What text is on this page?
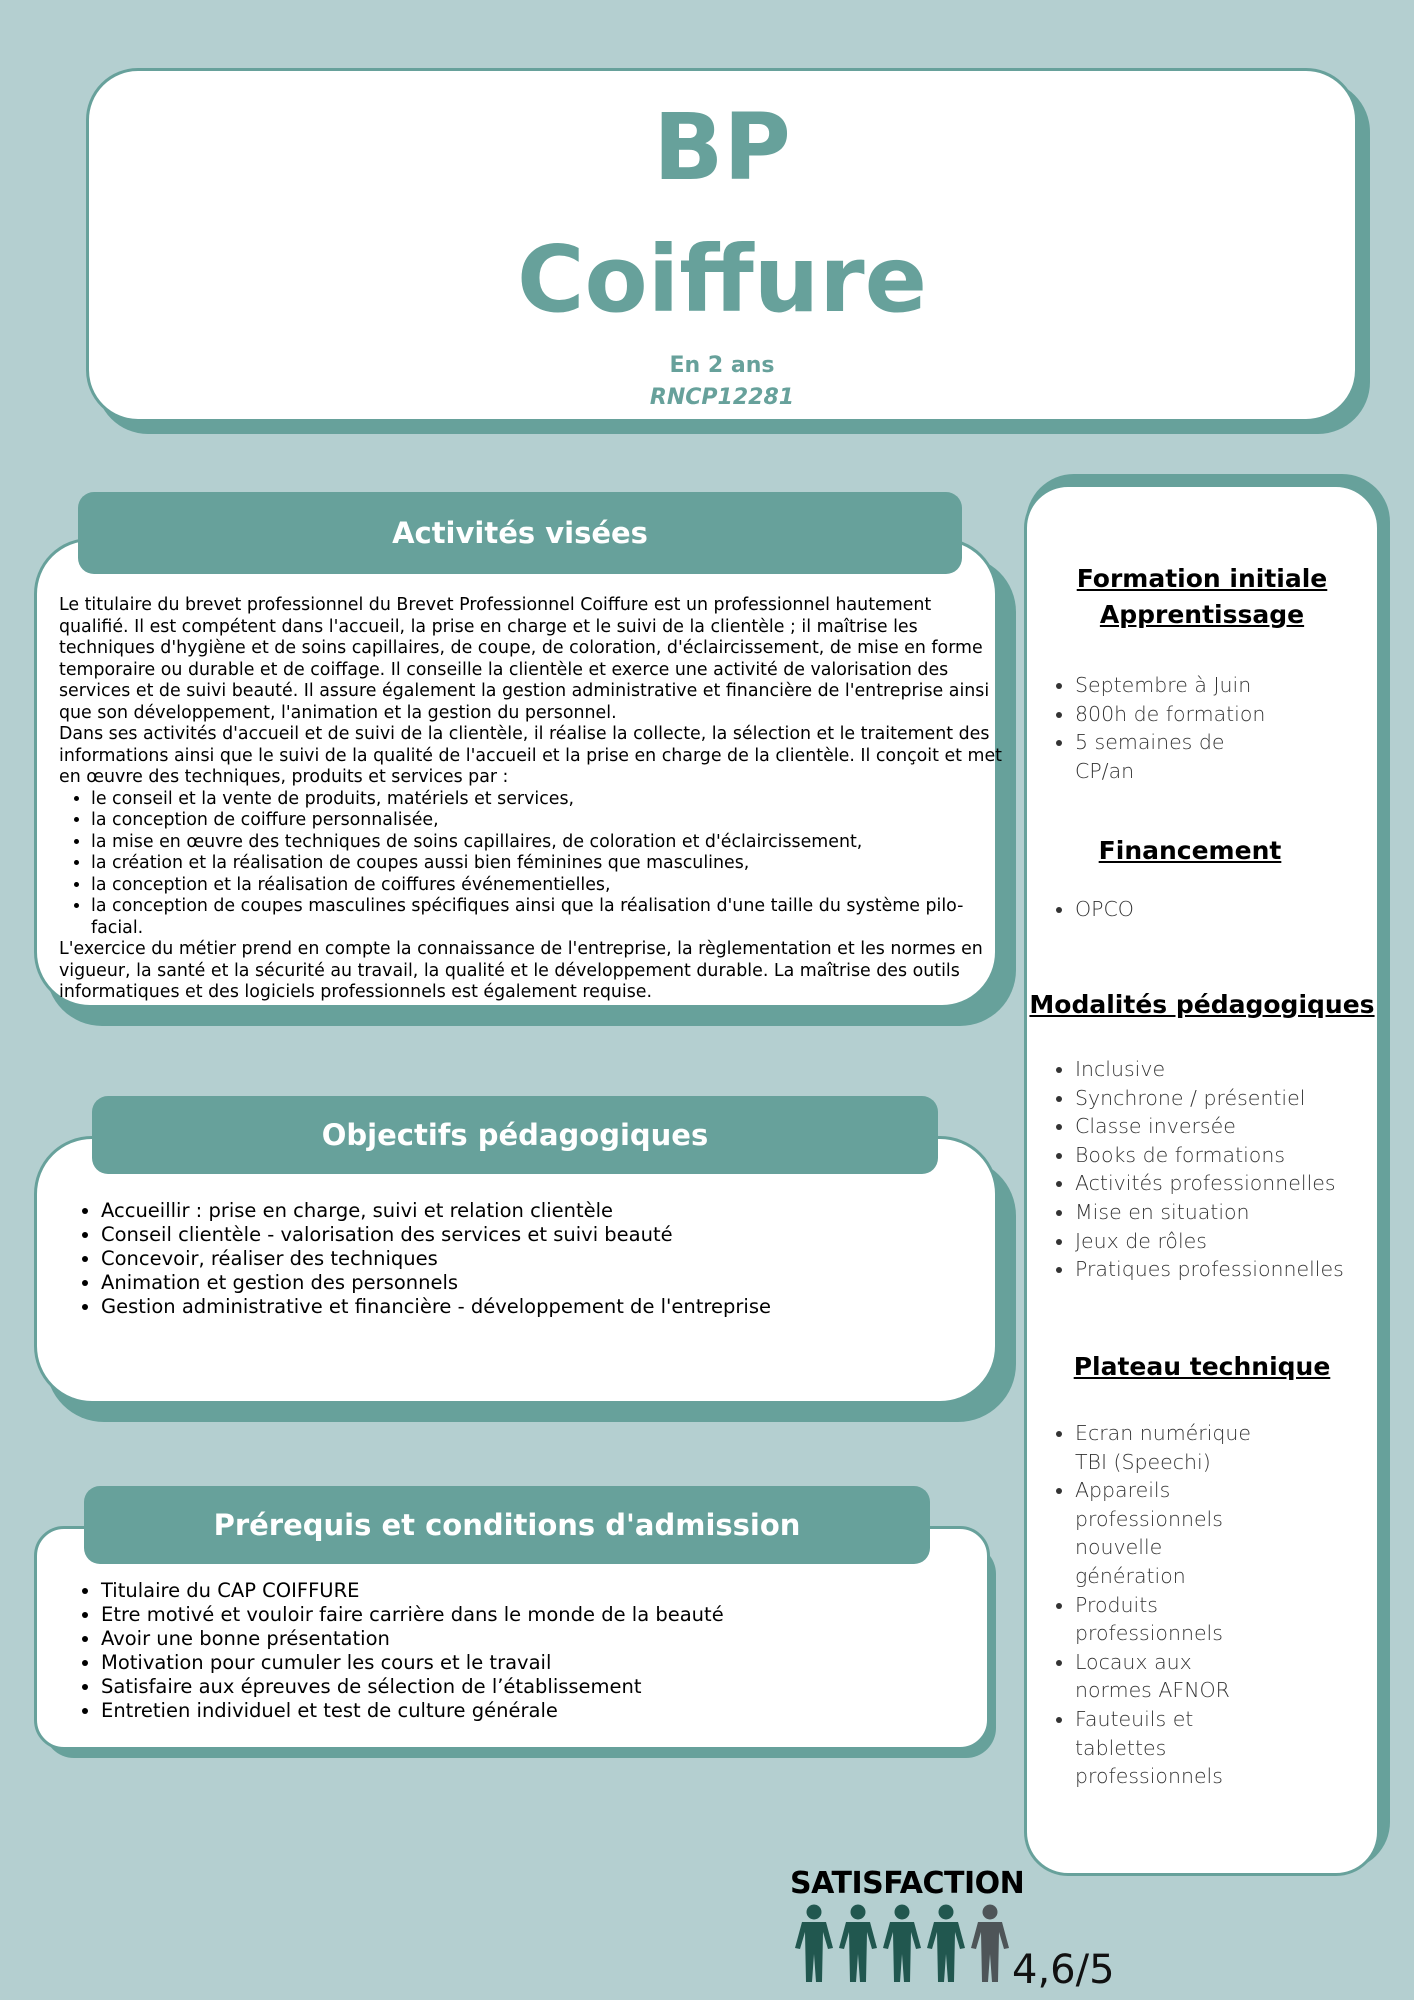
BP
Coiffure
En 2 ans
RNCP12281

Le titulaire du brevet professionnel du Brevet Professionnel Coiffure est un professionnel hautement qualifié. Il est compétent dans l'accueil, la prise en charge et le suivi de la clientèle ; il maîtrise les techniques d'hygiène et de soins capillaires, de coupe, de coloration, d'éclaircissement, de mise en forme temporaire ou durable et de coiffage. Il conseille la clientèle et exerce une activité de valorisation des services et de suivi beauté. Il assure également la gestion administrative et financière de l'entreprise ainsi que son développement, l'animation et la gestion du personnel.

Dans ses activités d'accueil et de suivi de la clientèle, il réalise la collecte, la sélection et le traitement des informations ainsi que le suivi de la qualité de l'accueil et la prise en charge de la clientèle. Il conçoit et met en œuvre des techniques, produits et services par :

• le conseil et la vente de produits, matériels et services,
• la conception de coiffure personnalisée,
• la mise en œuvre des techniques de soins capillaires, de coloration et d'éclaircissement,
• la création et la réalisation de coupes aussi bien féminines que masculines,
• la conception et la réalisation de coiffures événementielles,
• la conception de coupes masculines spécifiques ainsi que la réalisation d'une taille du système pilo-facial.

L'exercice du métier prend en compte la connaissance de l'entreprise, la règlementation et les normes en vigueur, la santé et la sécurité au travail, la qualité et le développement durable. La maîtrise des outils informatiques et des logiciels professionnels est également requise.

Activités visées
• Accueillir : prise en charge, suivi et relation clientèle
• Conseil clientèle - valorisation des services et suivi beauté
• Concevoir, réaliser des techniques
• Animation et gestion des personnels
• Gestion administrative et financière - développement de l'entreprise
Objectifs pédagogiques
• Titulaire du CAP COIFFURE
• Etre motivé et vouloir faire carrière dans le monde de la beauté
• Avoir une bonne présentation
• Motivation pour cumuler les cours et le travail
• Satisfaire aux épreuves de sélection de l’établissement
• Entretien individuel et test de culture générale
Prérequis et conditions d'admission
Formation initiale
Apprentissage
• Septembre à Juin
• 800h de formation
• 5 semaines de CP/an
Financement
• OPCO
Modalités pédagogiques
• Inclusive
• Synchrone / présentiel
• Classe inversée
• Books de formations
• Activités professionnelles
• Mise en situation
• Jeux de rôles
• Pratiques professionnelles
Plateau technique
• Ecran numérique TBI (Speechi)
• Appareils professionnels nouvelle génération
• Produits professionnels
• Locaux aux normes AFNOR
• Fauteuils et tablettes professionnels
SATISFACTION
4,6/5
